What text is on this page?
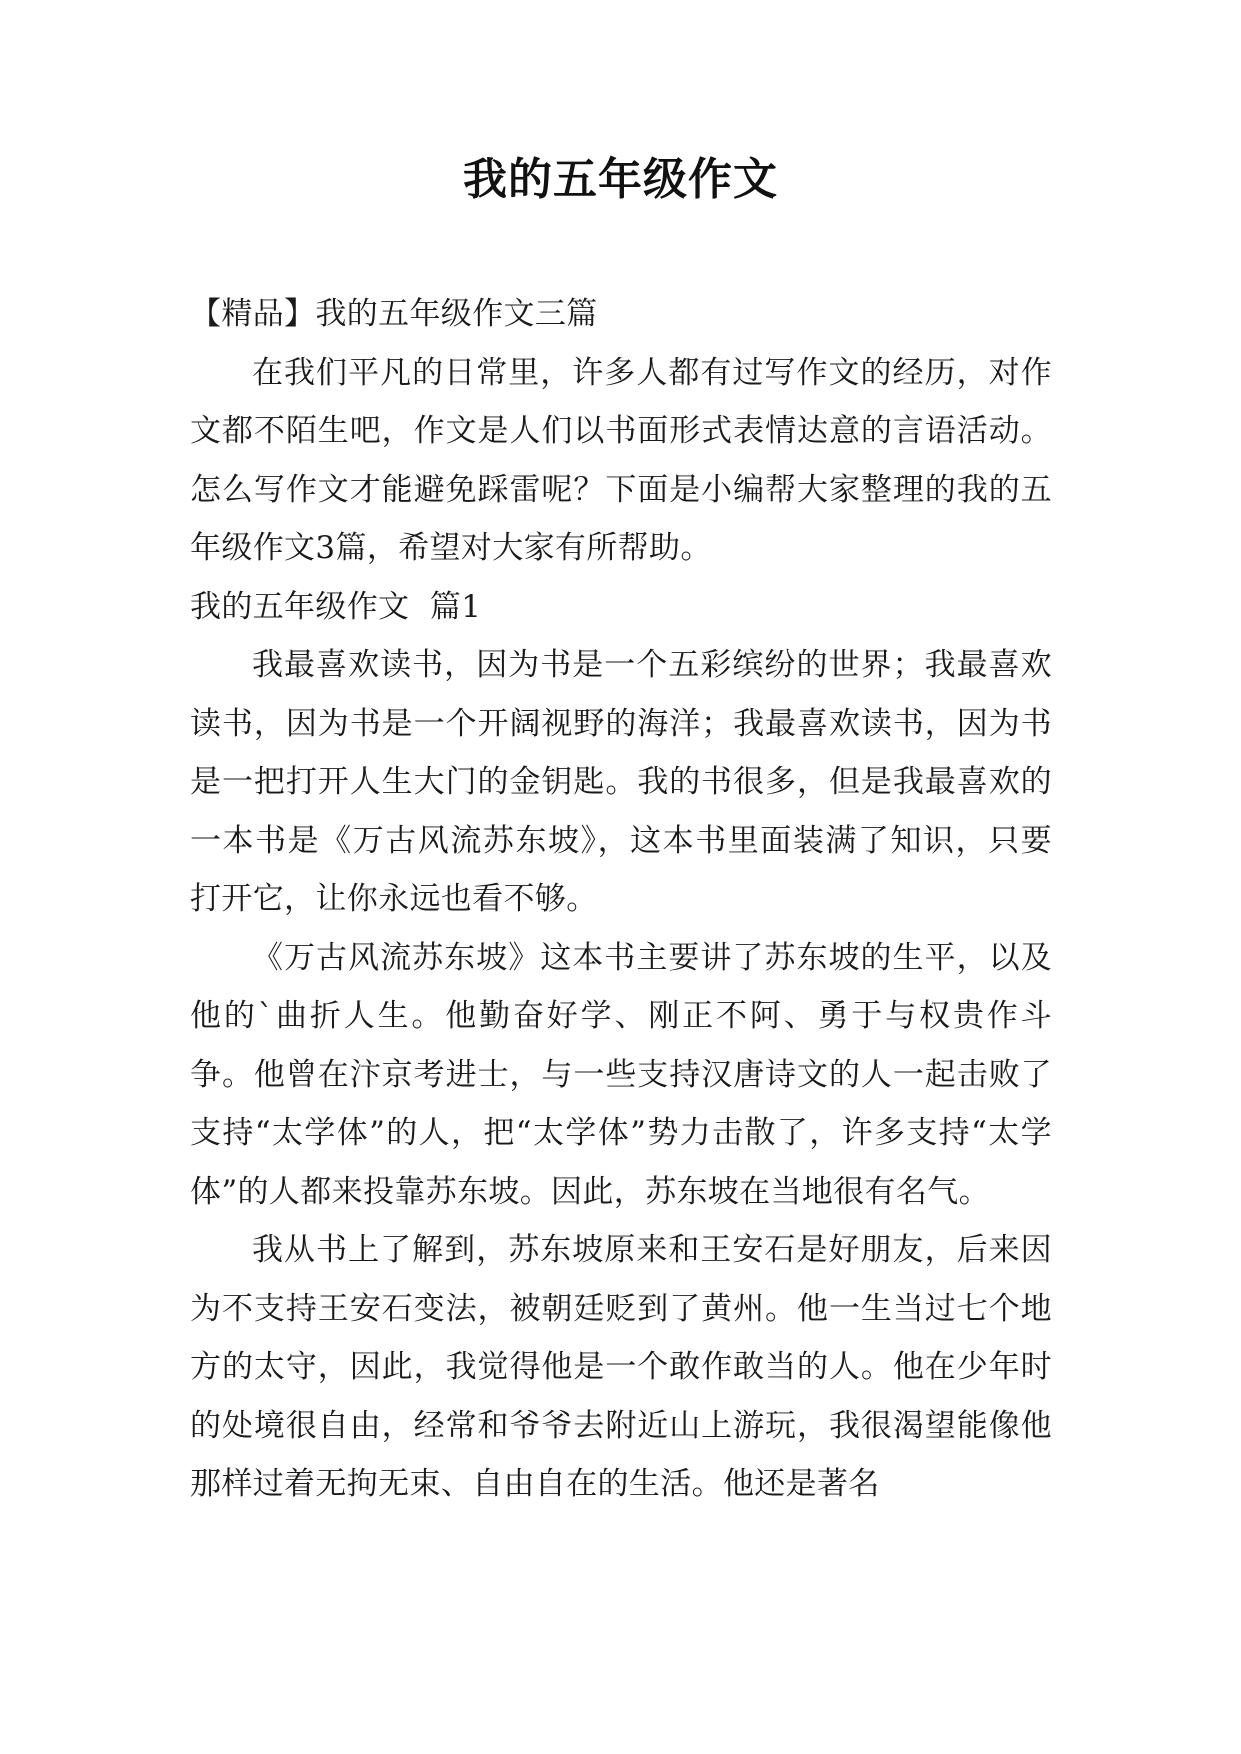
我的五年级作文

【精品】我的五年级作文三篇

在我们平凡的日常里，许多人都有过写作文的经历，对作文都不陌生吧，作文是人们以书面形式表情达意的言语活动。怎么写作文才能避免踩雷呢？下面是小编帮大家整理的我的五年级作文3篇，希望对大家有所帮助。

我的五年级作文  篇1

我最喜欢读书，因为书是一个五彩缤纷的世界；我最喜欢读书，因为书是一个开阔视野的海洋；我最喜欢读书，因为书是一把打开人生大门的金钥匙。我的书很多，但是我最喜欢的一本书是《万古风流苏东坡》，这本书里面装满了知识，只要打开它，让你永远也看不够。

《万古风流苏东坡》这本书主要讲了苏东坡的生平，以及他的`曲折人生。他勤奋好学、刚正不阿、勇于与权贵作斗争。他曾在汴京考进士，与一些支持汉唐诗文的人一起击败了支持“太学体”的人，把“太学体”势力击散了，许多支持“太学体”的人都来投靠苏东坡。因此，苏东坡在当地很有名气。

我从书上了解到，苏东坡原来和王安石是好朋友，后来因为不支持王安石变法，被朝廷贬到了黄州。他一生当过七个地方的太守，因此，我觉得他是一个敢作敢当的人。他在少年时的处境很自由，经常和爷爷去附近山上游玩，我很渴望能像他那样过着无拘无束、自由自在的生活。他还是著名
